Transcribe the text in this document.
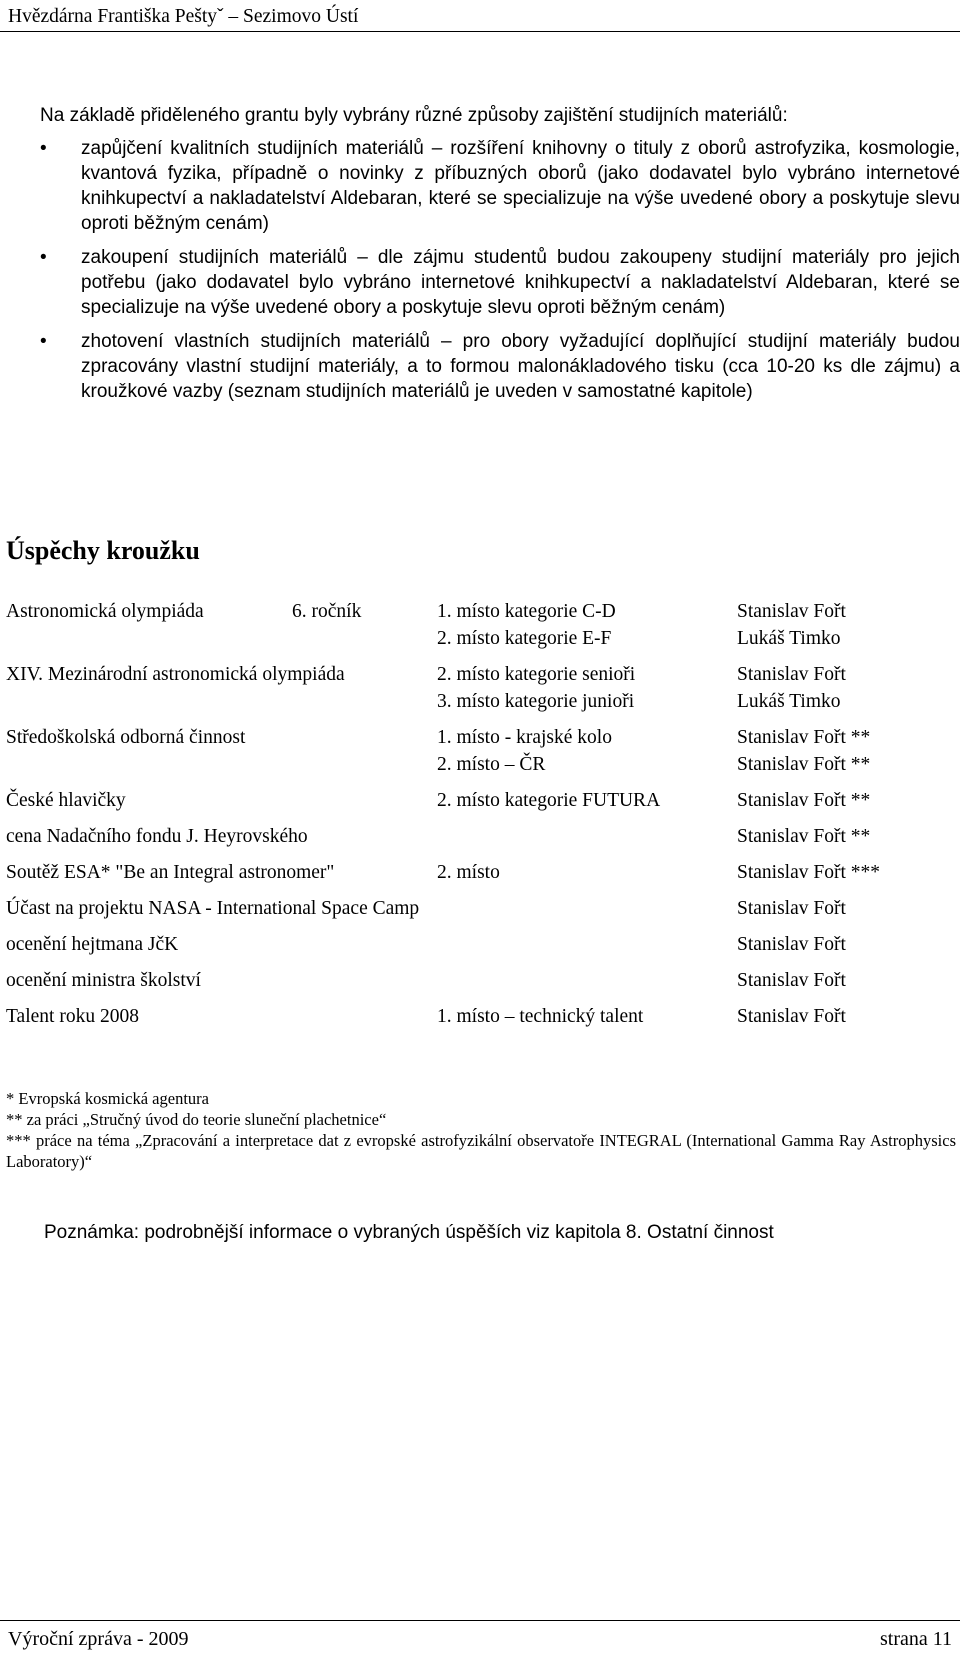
Hvězdárna Františka Peštyˇ – Sezimovo Ústí
Na základě přiděleného grantu byly vybrány různé způsoby zajištění studijních materiálů:
• zapůjčení kvalitních studijních materiálů – rozšíření knihovny o tituly z oborů astrofyzika, kosmologie, kvantová fyzika, případně o novinky z příbuzných oborů (jako dodavatel bylo vybráno internetové knihkupectví a nakladatelství Aldebaran, které se specializuje na výše uvedené obory a poskytuje slevu oproti běžným cenám)
• zakoupení studijních materiálů – dle zájmu studentů budou zakoupeny studijní materiály pro jejich potřebu (jako dodavatel bylo vybráno internetové knihkupectví a nakladatelství Aldebaran, které se specializuje na výše uvedené obory a poskytuje slevu oproti běžným cenám)
• zhotovení vlastních studijních materiálů – pro obory vyžadující doplňující studijní materiály budou zpracovány vlastní studijní materiály, a to formou malonákladového tisku (cca 10-20 ks dle zájmu) a kroužkové vazby (seznam studijních materiálů je uveden v samostatné kapitole)
Úspěchy kroužku
Astronomická olympiáda	6. ročník	1. místo kategorie C-D	Stanislav Fořt
2. místo kategorie E-F	Lukáš Timko
XIV. Mezinárodní astronomická olympiáda	2. místo kategorie senioři	Stanislav Fořt
3. místo kategorie junioři	Lukáš Timko
Středoškolská odborná činnost	1. místo - krajské kolo	Stanislav Fořt **
2. místo – ČR	Stanislav Fořt **
České hlavičky	2. místo kategorie FUTURA	Stanislav Fořt **
cena Nadačního fondu J. Heyrovského	Stanislav Fořt **
Soutěž ESA* "Be an Integral astronomer"	2. místo	Stanislav Fořt ***
Účast na projektu NASA - International Space Camp	Stanislav Fořt
ocenění hejtmana JčK	Stanislav Fořt
ocenění ministra školství	Stanislav Fořt
Talent roku 2008	1. místo – technický talent	Stanislav Fořt
* Evropská kosmická agentura
** za práci „Stručný úvod do teorie sluneční plachetnice“
*** práce na téma „Zpracování a interpretace dat z evropské astrofyzikální observatoře INTEGRAL (International Gamma Ray Astrophysics Laboratory)“
Poznámka: podrobnější informace o vybraných úspěších viz kapitola 8. Ostatní činnost
Výroční zpráva - 2009	strana 11
